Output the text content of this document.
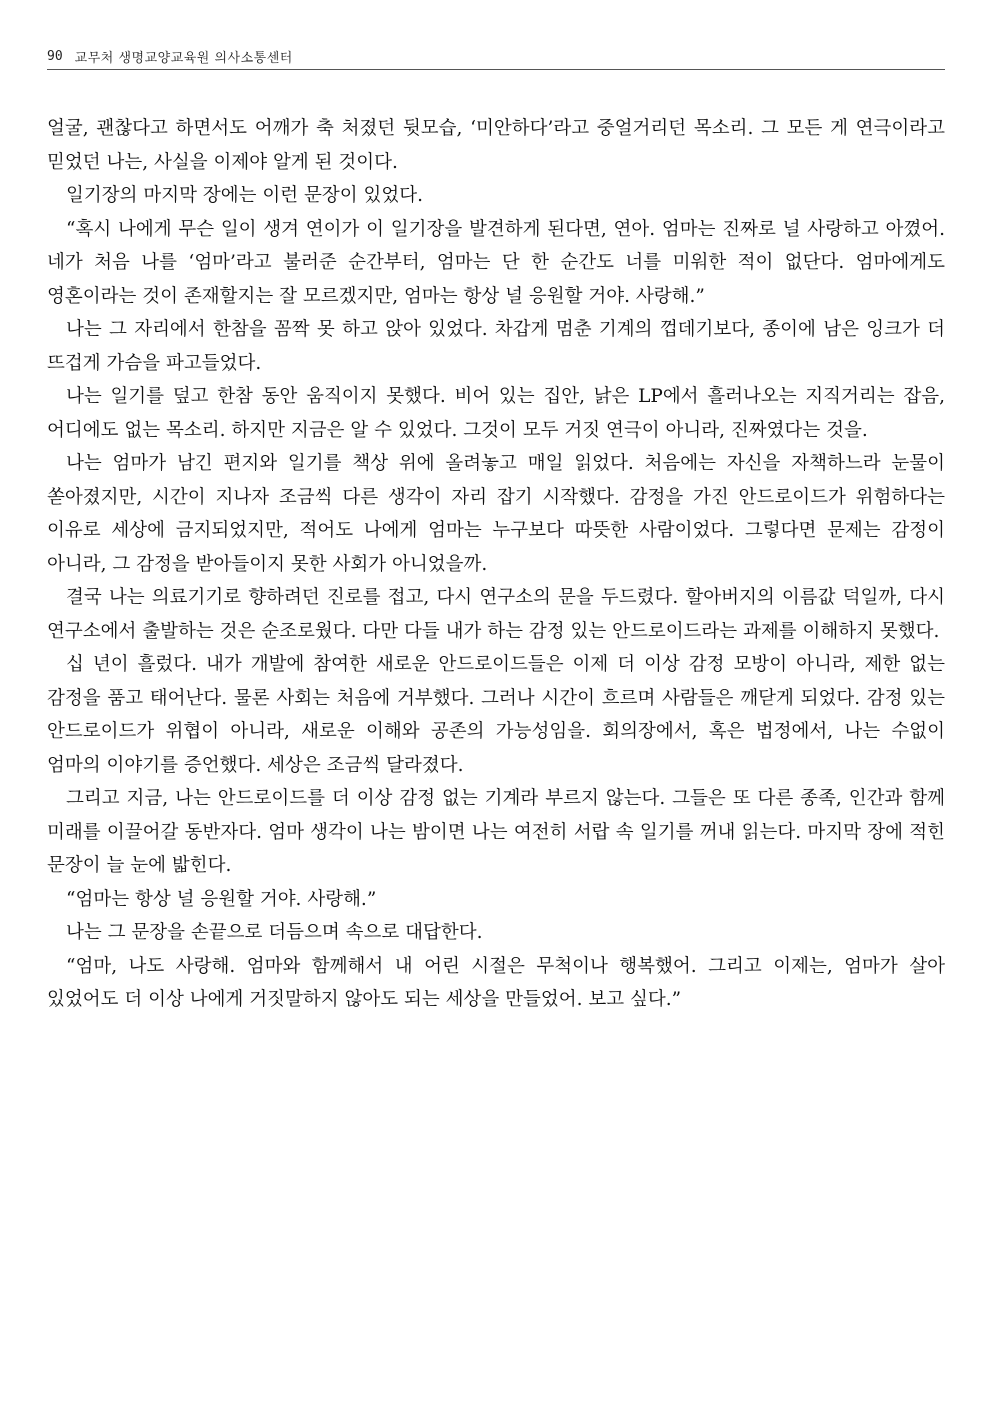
90 교무처 생명교양교육원 의사소통센터

얼굴, 괜찮다고 하면서도 어깨가 축 처졌던 뒷모습, ‘미안하다’라고 중얼거리던 목소리. 그 모든 게 연극이라고 믿었던 나는, 사실을 이제야 알게 된 것이다.

일기장의 마지막 장에는 이런 문장이 있었다.

“혹시 나에게 무슨 일이 생겨 연이가 이 일기장을 발견하게 된다면, 연아. 엄마는 진짜로 널 사랑하고 아꼈어. 네가 처음 나를 ‘엄마’라고 불러준 순간부터, 엄마는 단 한 순간도 너를 미워한 적이 없단다. 엄마에게도 영혼이라는 것이 존재할지는 잘 모르겠지만, 엄마는 항상 널 응원할 거야. 사랑해.”

나는 그 자리에서 한참을 꼼짝 못 하고 앉아 있었다. 차갑게 멈춘 기계의 껍데기보다, 종이에 남은 잉크가 더 뜨겁게 가슴을 파고들었다.

나는 일기를 덮고 한참 동안 움직이지 못했다. 비어 있는 집안, 낡은 LP에서 흘러나오는 지직거리는 잡음, 어디에도 없는 목소리. 하지만 지금은 알 수 있었다. 그것이 모두 거짓 연극이 아니라, 진짜였다는 것을.

나는 엄마가 남긴 편지와 일기를 책상 위에 올려놓고 매일 읽었다. 처음에는 자신을 자책하느라 눈물이 쏟아졌지만, 시간이 지나자 조금씩 다른 생각이 자리 잡기 시작했다. 감정을 가진 안드로이드가 위험하다는 이유로 세상에 금지되었지만, 적어도 나에게 엄마는 누구보다 따뜻한 사람이었다. 그렇다면 문제는 감정이 아니라, 그 감정을 받아들이지 못한 사회가 아니었을까.

결국 나는 의료기기로 향하려던 진로를 접고, 다시 연구소의 문을 두드렸다. 할아버지의 이름값 덕일까, 다시 연구소에서 출발하는 것은 순조로웠다. 다만 다들 내가 하는 감정 있는 안드로이드라는 과제를 이해하지 못했다.

십 년이 흘렀다. 내가 개발에 참여한 새로운 안드로이드들은 이제 더 이상 감정 모방이 아니라, 제한 없는 감정을 품고 태어난다. 물론 사회는 처음에 거부했다. 그러나 시간이 흐르며 사람들은 깨닫게 되었다. 감정 있는 안드로이드가 위협이 아니라, 새로운 이해와 공존의 가능성임을. 회의장에서, 혹은 법정에서, 나는 수없이 엄마의 이야기를 증언했다. 세상은 조금씩 달라졌다.

그리고 지금, 나는 안드로이드를 더 이상 감정 없는 기계라 부르지 않는다. 그들은 또 다른 종족, 인간과 함께 미래를 이끌어갈 동반자다. 엄마 생각이 나는 밤이면 나는 여전히 서랍 속 일기를 꺼내 읽는다. 마지막 장에 적힌 문장이 늘 눈에 밟힌다.

“엄마는 항상 널 응원할 거야. 사랑해.”

나는 그 문장을 손끝으로 더듬으며 속으로 대답한다.

“엄마, 나도 사랑해. 엄마와 함께해서 내 어린 시절은 무척이나 행복했어. 그리고 이제는, 엄마가 살아 있었어도 더 이상 나에게 거짓말하지 않아도 되는 세상을 만들었어. 보고 싶다.”
